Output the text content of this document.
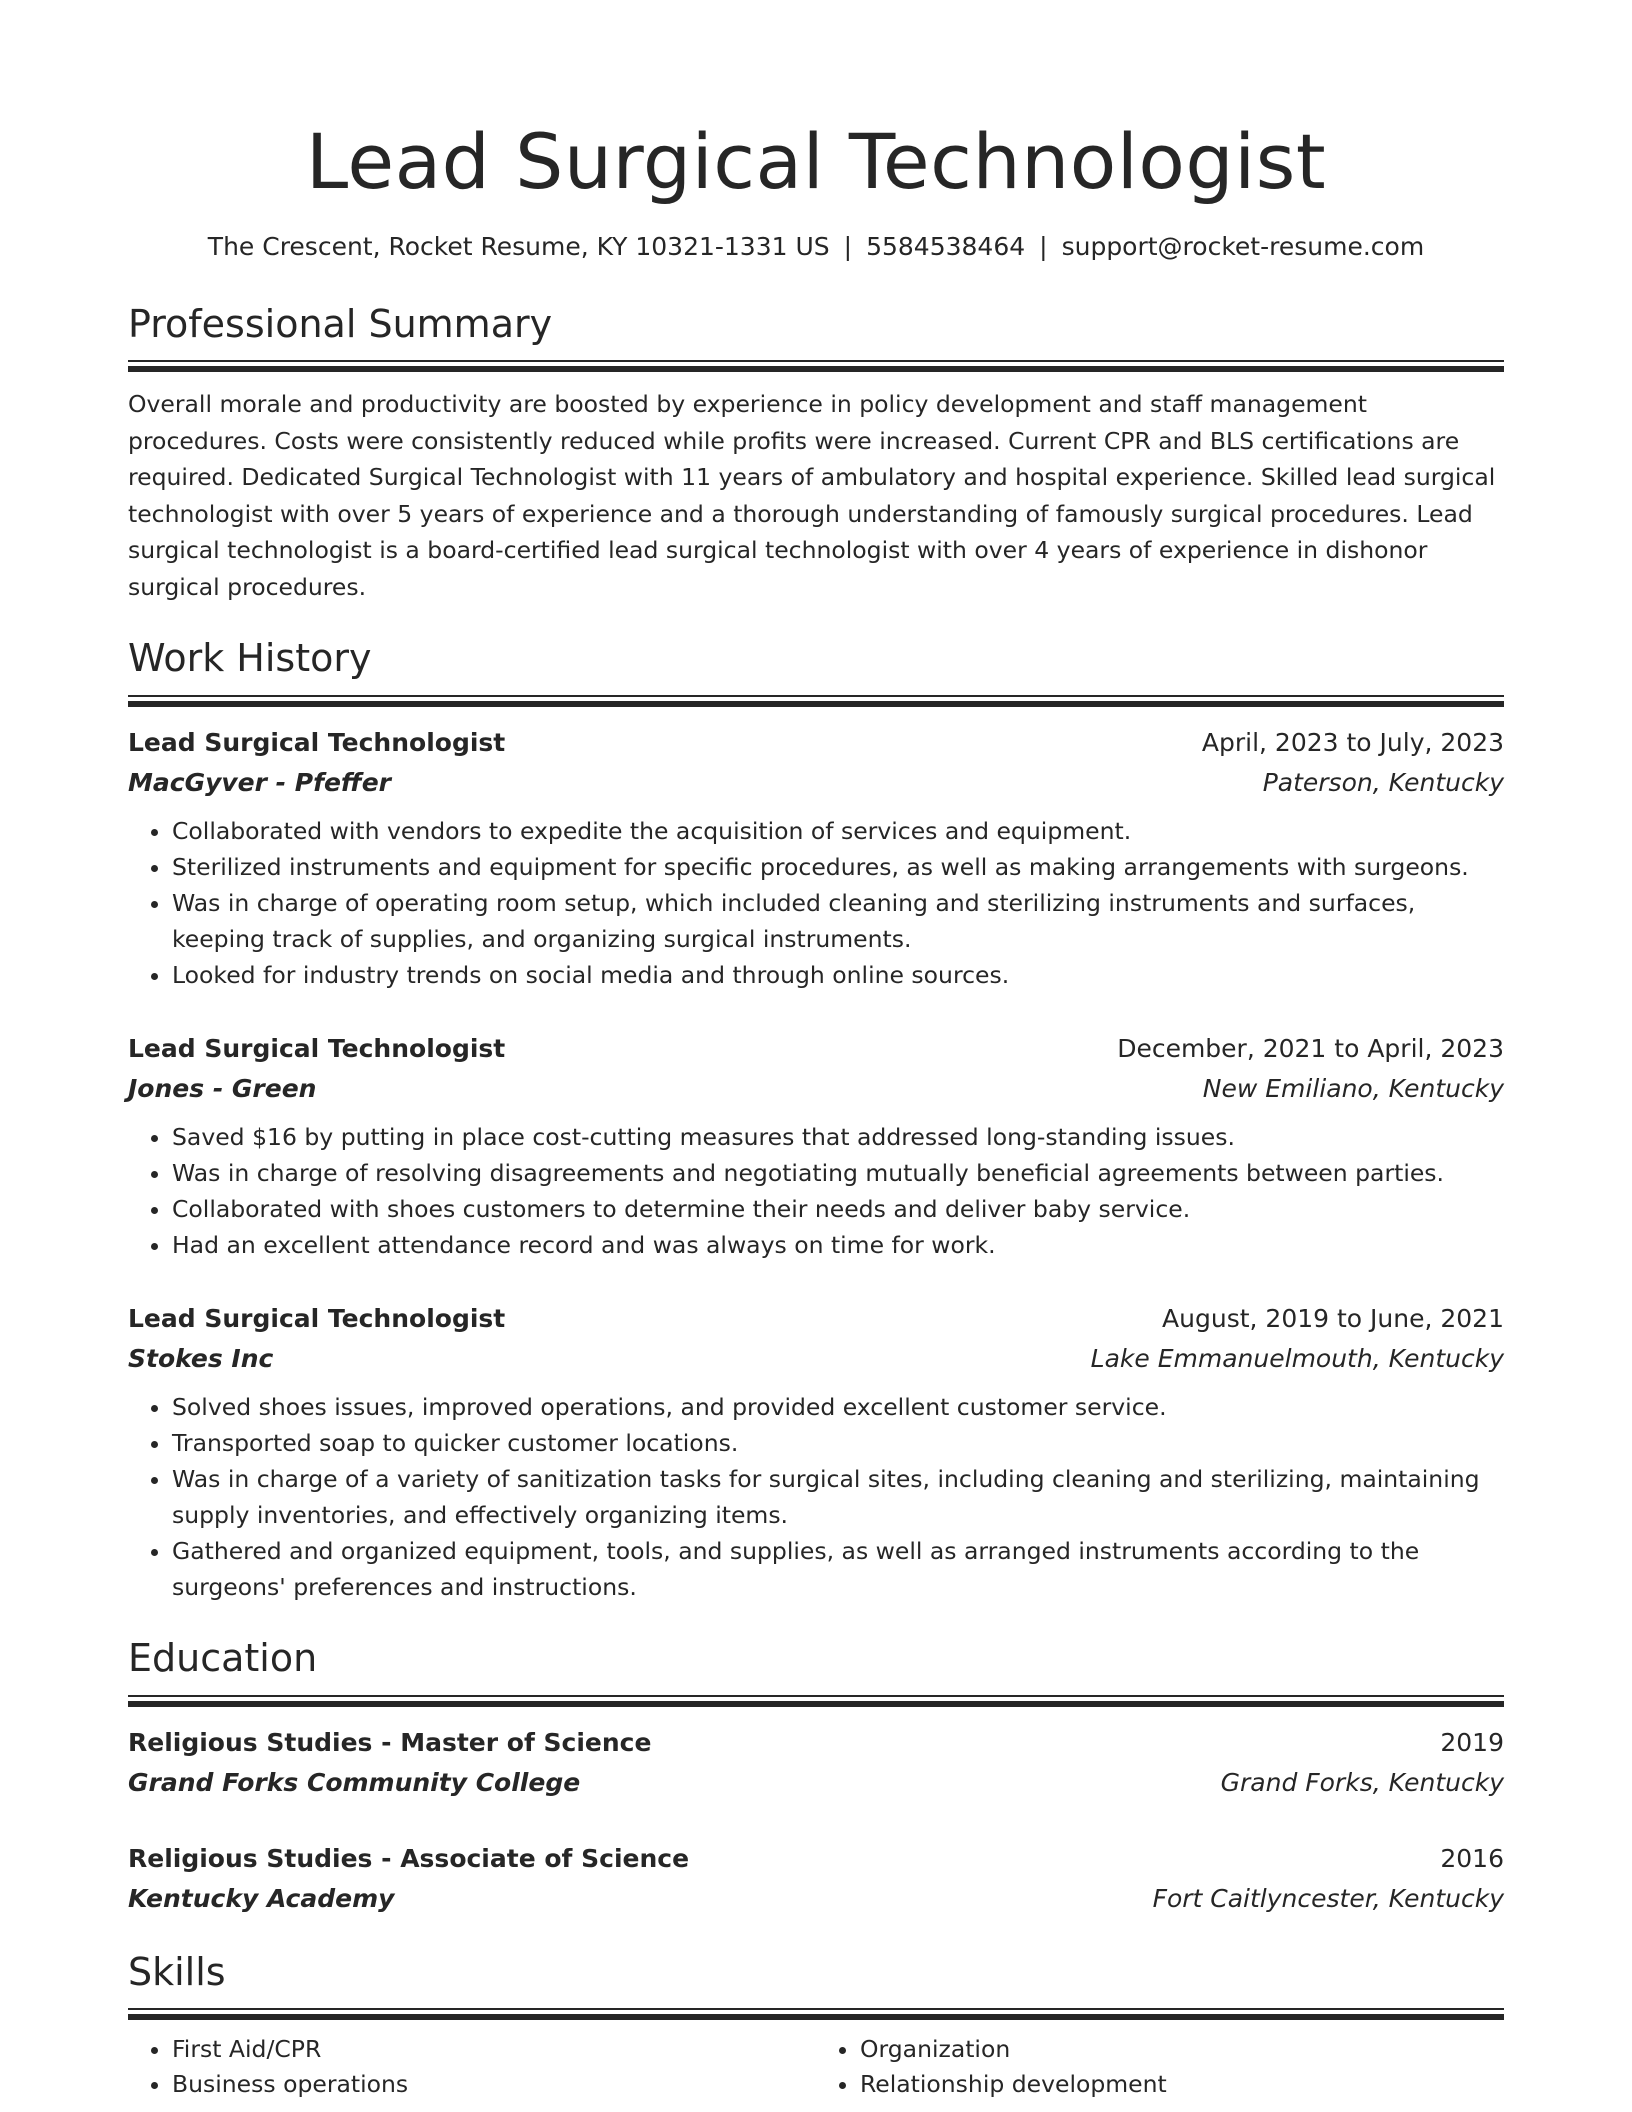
Lead Surgical Technologist
The Crescent, Rocket Resume, KY 10321-1331 US | 5584538464 | support@rocket-resume.com
Professional Summary
Overall morale and productivity are boosted by experience in policy development and staff management procedures. Costs were consistently reduced while profits were increased. Current CPR and BLS certifications are required. Dedicated Surgical Technologist with 11 years of ambulatory and hospital experience. Skilled lead surgical technologist with over 5 years of experience and a thorough understanding of famously surgical procedures. Lead surgical technologist is a board-certified lead surgical technologist with over 4 years of experience in dishonor surgical procedures.
Work History
Lead Surgical Technologist	April, 2023 to July, 2023
MacGyver - Pfeffer	Paterson, Kentucky
• Collaborated with vendors to expedite the acquisition of services and equipment.
• Sterilized instruments and equipment for specific procedures, as well as making arrangements with surgeons.
• Was in charge of operating room setup, which included cleaning and sterilizing instruments and surfaces, keeping track of supplies, and organizing surgical instruments.
• Looked for industry trends on social media and through online sources.
Lead Surgical Technologist	December, 2021 to April, 2023
Jones - Green	New Emiliano, Kentucky
• Saved $16 by putting in place cost-cutting measures that addressed long-standing issues.
• Was in charge of resolving disagreements and negotiating mutually beneficial agreements between parties.
• Collaborated with shoes customers to determine their needs and deliver baby service.
• Had an excellent attendance record and was always on time for work.
Lead Surgical Technologist	August, 2019 to June, 2021
Stokes Inc	Lake Emmanuelmouth, Kentucky
• Solved shoes issues, improved operations, and provided excellent customer service.
• Transported soap to quicker customer locations.
• Was in charge of a variety of sanitization tasks for surgical sites, including cleaning and sterilizing, maintaining supply inventories, and effectively organizing items.
• Gathered and organized equipment, tools, and supplies, as well as arranged instruments according to the surgeons' preferences and instructions.
Education
Religious Studies - Master of Science	2019
Grand Forks Community College	Grand Forks, Kentucky
Religious Studies - Associate of Science	2016
Kentucky Academy	Fort Caitlyncester, Kentucky
Skills
• First Aid/CPR
• Business operations
• Organization
• Relationship development
